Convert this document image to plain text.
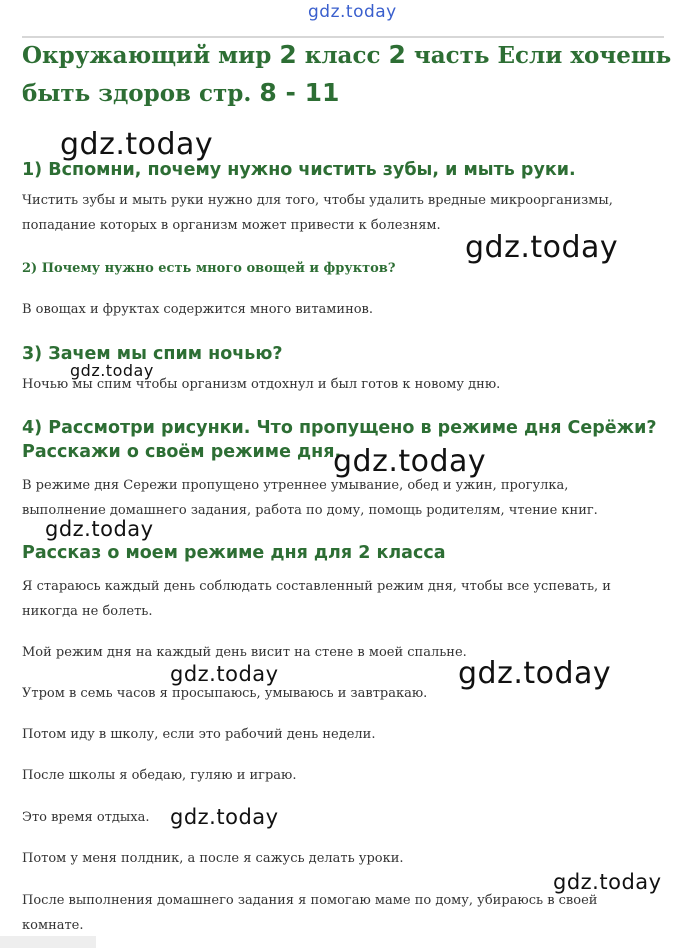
gdz.today
Окружающий мир 2 класс 2 часть Если хочешь быть здоров стр. 8 - 11
gdz.today
1) Вспомни, почему нужно чистить зубы, и мыть руки.

Чистить зубы и мыть руки нужно для того, чтобы удалить вредные микроорганизмы, попадание которых в организм может привести к болезням.

gdz.today
2) Почему нужно есть много овощей и фруктов?

В овощах и фруктах содержится много витаминов.

3) Зачем мы спим ночью?
gdz.today

Ночью мы спим чтобы организм отдохнул и был готов к новому дню.

4) Рассмотри рисунки. Что пропущено в режиме дня Серёжи?
Расскажи о своём режиме дня.
gdz.today

В режиме дня Сережи пропущено утреннее умывание, обед и ужин, прогулка, выполнение домашнего задания, работа по дому, помощь родителям, чтение книг.

gdz.today
Рассказ о моем режиме дня для 2 класса

Я стараюсь каждый день соблюдать составленный режим дня, чтобы все успевать, и никогда не болеть.

Мой режим дня на каждый день висит на стене в моей спальне.

gdz.today	gdz.today

Утром в семь часов я просыпаюсь, умываюсь и завтракаю.

Потом иду в школу, если это рабочий день недели.

После школы я обедаю, гуляю и играю.

Это время отдыха. gdz.today

Потом у меня полдник, а после я сажусь делать уроки.

gdz.today

После выполнения домашнего задания я помогаю маме по дому, убираюсь в своей комнате.
